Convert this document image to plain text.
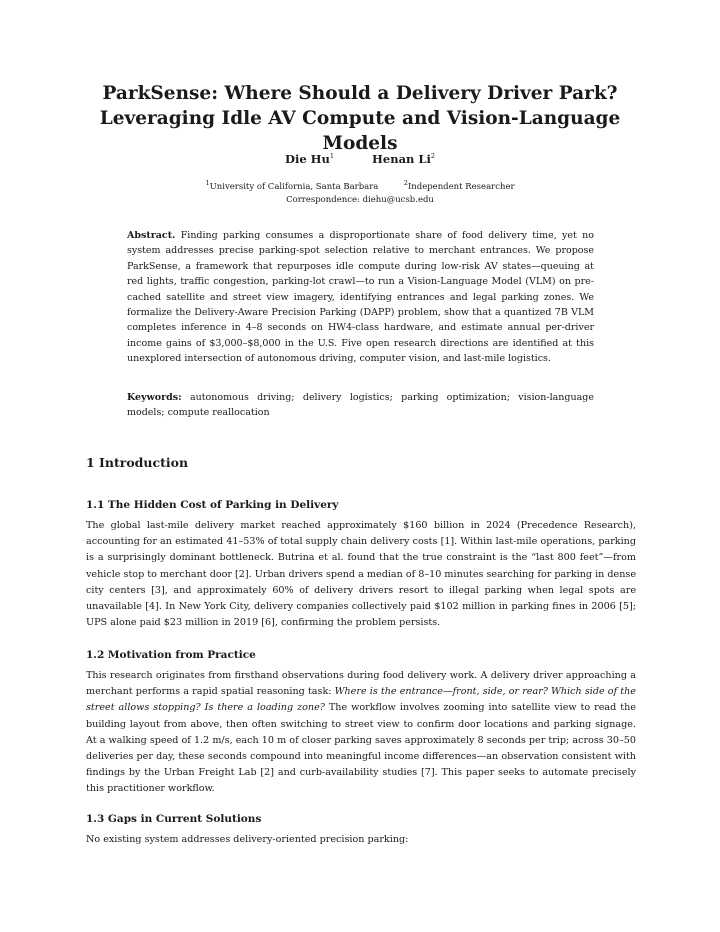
ParkSense: Where Should a Delivery Driver Park?
Leveraging Idle AV Compute and Vision-Language Models
Die Hu$^1$	Henan Li$^2$
$^1$University of California, Santa Barbara	$^2$Independent Researcher
Correspondence: diehu@ucsb.edu
Abstract. Finding parking consumes a disproportionate share of food delivery time, yet no system addresses precise parking-spot selection relative to merchant entrances. We propose ParkSense, a framework that repurposes idle compute during low-risk AV states—queuing at red lights, traffic congestion, parking-lot crawl—to run a Vision-Language Model (VLM) on pre-cached satellite and street view imagery, identifying entrances and legal parking zones. We formalize the Delivery-Aware Precision Parking (DAPP) problem, show that a quantized 7B VLM completes inference in 4–8 seconds on HW4-class hardware, and estimate annual per-driver income gains of $3,000–$8,000 in the U.S. Five open research directions are identified at this unexplored intersection of autonomous driving, computer vision, and last-mile logistics.
Keywords: autonomous driving; delivery logistics; parking optimization; vision-language models; compute reallocation
1 Introduction
1.1 The Hidden Cost of Parking in Delivery
The global last-mile delivery market reached approximately $160 billion in 2024 (Precedence Research), accounting for an estimated 41–53% of total supply chain delivery costs [1]. Within last-mile operations, parking is a surprisingly dominant bottleneck. Butrina et al. found that the true constraint is the “last 800 feet”—from vehicle stop to merchant door [2]. Urban drivers spend a median of 8–10 minutes searching for parking in dense city centers [3], and approximately 60% of delivery drivers resort to illegal parking when legal spots are unavailable [4]. In New York City, delivery companies collectively paid $102 million in parking fines in 2006 [5]; UPS alone paid $23 million in 2019 [6], confirming the problem persists.
1.2 Motivation from Practice
This research originates from firsthand observations during food delivery work. A delivery driver approaching a merchant performs a rapid spatial reasoning task: Where is the entrance—front, side, or rear? Which side of the street allows stopping? Is there a loading zone? The workflow involves zooming into satellite view to read the building layout from above, then often switching to street view to confirm door locations and parking signage. At a walking speed of 1.2 m/s, each 10 m of closer parking saves approximately 8 seconds per trip; across 30–50 deliveries per day, these seconds compound into meaningful income differences—an observation consistent with findings by the Urban Freight Lab [2] and curb-availability studies [7]. This paper seeks to automate precisely this practitioner workflow.
1.3 Gaps in Current Solutions
No existing system addresses delivery-oriented precision parking:
